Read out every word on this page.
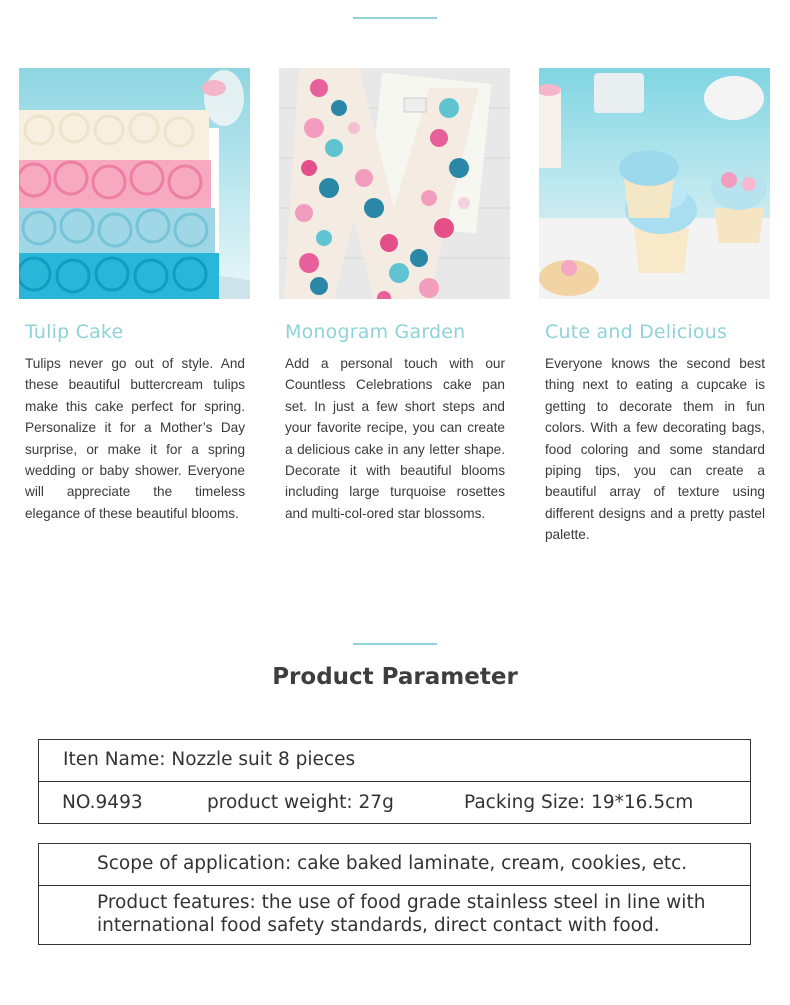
Tulip Cake
Tulips never go out of style. And these beautiful buttercream tulips make this cake perfect for spring. Personalize it for a Mother’s Day surprise, or make it for a spring wedding or baby shower. Everyone will appreciate the timeless elegance of these beautiful blooms.
Monogram Garden
Add a personal touch with our Countless Celebrations cake pan set. In just a few short steps and your favorite recipe, you can create a delicious cake in any letter shape. Decorate it with beautiful blooms including large turquoise rosettes and multi-col-ored star blossoms.
Cute and Delicious
Everyone knows the second best thing next to eating a cupcake is getting to decorate them in fun colors. With a few decorating bags, food coloring and some standard piping tips, you can create a beautiful array of texture using different designs and a pretty pastel palette.
Product Parameter
Iten Name: Nozzle suit 8 pieces
NO.9493	product weight: 27g	Packing Size: 19*16.5cm
Scope of application: cake baked laminate, cream, cookies, etc.
Product features: the use of food grade stainless steel in line with international food safety standards, direct contact with food.
